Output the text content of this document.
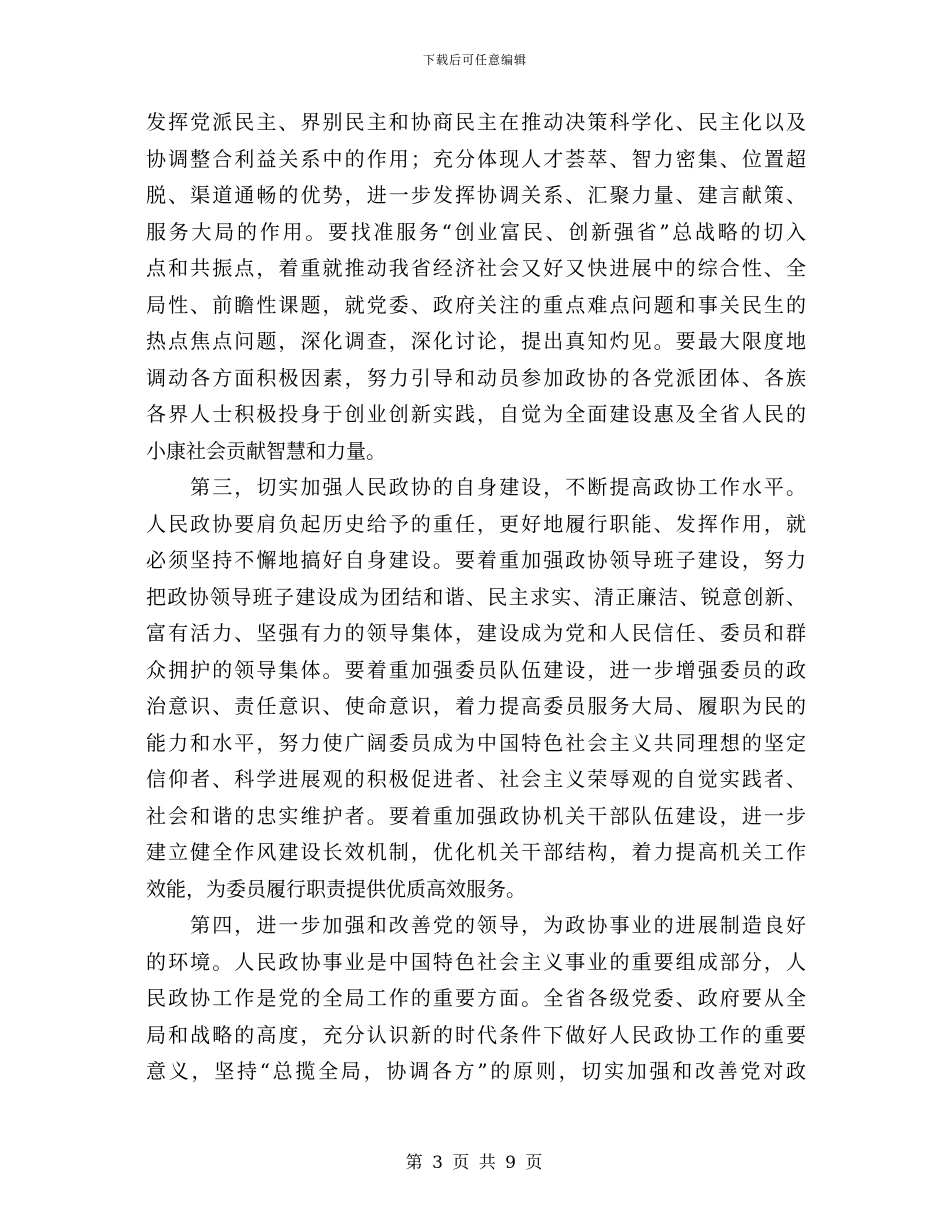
下载后可任意编辑
发挥党派民主、界别民主和协商民主在推动决策科学化、民主化以及
协调整合利益关系中的作用；充分体现人才荟萃、智力密集、位置超
脱、渠道通畅的优势，进一步发挥协调关系、汇聚力量、建言献策、
服务大局的作用。要找准服务“创业富民、创新强省”总战略的切入
点和共振点，着重就推动我省经济社会又好又快进展中的综合性、全
局性、前瞻性课题，就党委、政府关注的重点难点问题和事关民生的
热点焦点问题，深化调查，深化讨论，提出真知灼见。要最大限度地
调动各方面积极因素，努力引导和动员参加政协的各党派团体、各族
各界人士积极投身于创业创新实践，自觉为全面建设惠及全省人民的
小康社会贡献智慧和力量。
　　第三，切实加强人民政协的自身建设，不断提高政协工作水平。
人民政协要肩负起历史给予的重任，更好地履行职能、发挥作用，就
必须坚持不懈地搞好自身建设。要着重加强政协领导班子建设，努力
把政协领导班子建设成为团结和谐、民主求实、清正廉洁、锐意创新、
富有活力、坚强有力的领导集体，建设成为党和人民信任、委员和群
众拥护的领导集体。要着重加强委员队伍建设，进一步增强委员的政
治意识、责任意识、使命意识，着力提高委员服务大局、履职为民的
能力和水平，努力使广阔委员成为中国特色社会主义共同理想的坚定
信仰者、科学进展观的积极促进者、社会主义荣辱观的自觉实践者、
社会和谐的忠实维护者。要着重加强政协机关干部队伍建设，进一步
建立健全作风建设长效机制，优化机关干部结构，着力提高机关工作
效能，为委员履行职责提供优质高效服务。
　　第四，进一步加强和改善党的领导，为政协事业的进展制造良好
的环境。人民政协事业是中国特色社会主义事业的重要组成部分，人
民政协工作是党的全局工作的重要方面。全省各级党委、政府要从全
局和战略的高度，充分认识新的时代条件下做好人民政协工作的重要
意义，坚持“总揽全局，协调各方”的原则，切实加强和改善党对政
第 3 页 共 9 页
